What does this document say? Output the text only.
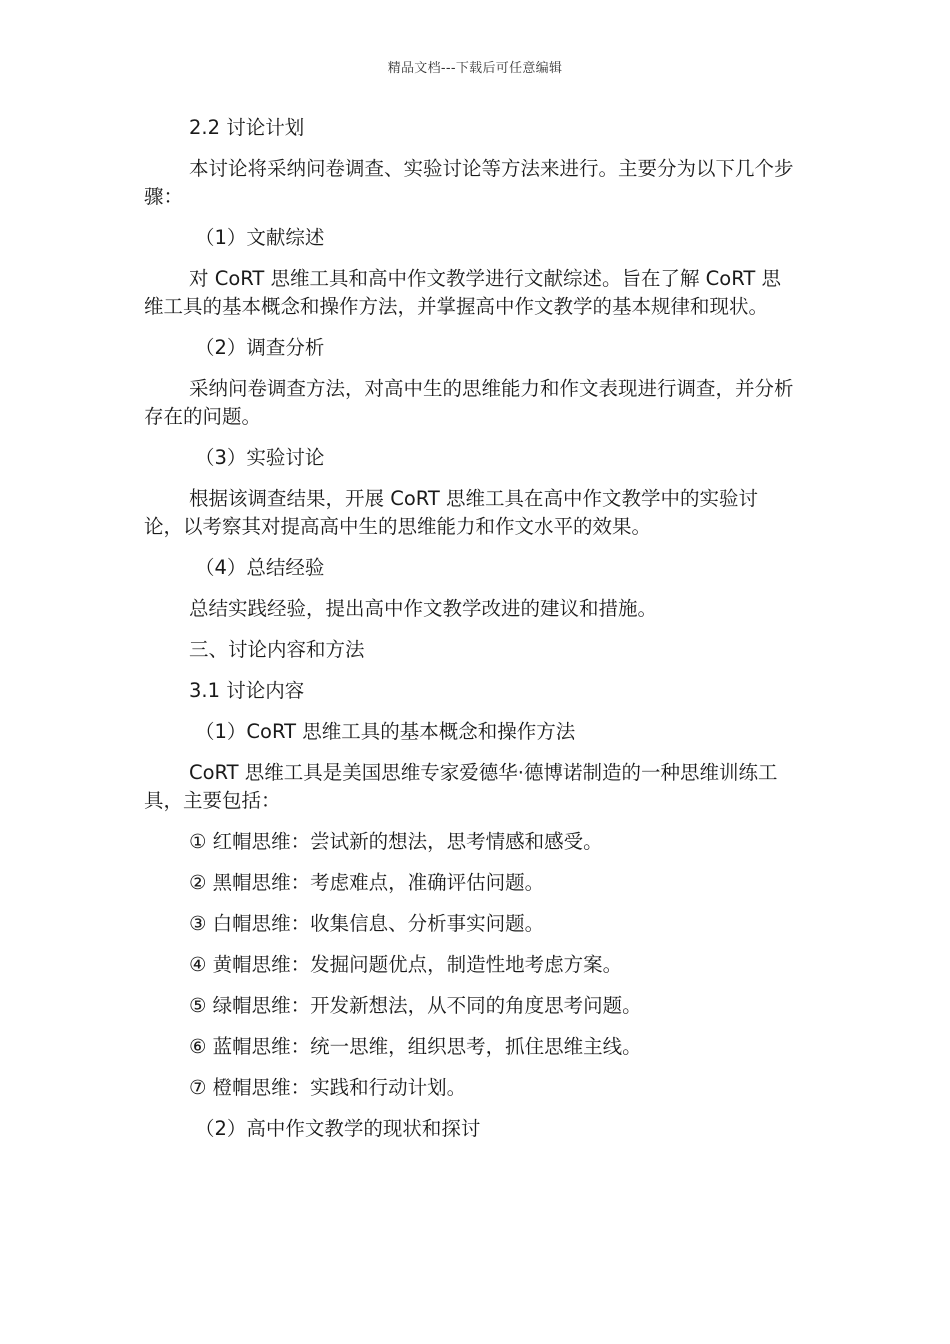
精品文档---下载后可任意编辑

2.2 讨论计划

本讨论将采纳问卷调查、实验讨论等方法来进行。主要分为以下几个步骤：

（1）文献综述

对 CoRT 思维工具和高中作文教学进行文献综述。旨在了解 CoRT 思维工具的基本概念和操作方法，并掌握高中作文教学的基本规律和现状。

（2）调查分析

采纳问卷调查方法，对高中生的思维能力和作文表现进行调查，并分析存在的问题。

（3）实验讨论

根据该调查结果，开展 CoRT 思维工具在高中作文教学中的实验讨论，以考察其对提高高中生的思维能力和作文水平的效果。

（4）总结经验

总结实践经验，提出高中作文教学改进的建议和措施。

三、讨论内容和方法

3.1 讨论内容

（1）CoRT 思维工具的基本概念和操作方法

CoRT 思维工具是美国思维专家爱德华·德博诺制造的一种思维训练工具，主要包括：

① 红帽思维：尝试新的想法，思考情感和感受。

② 黑帽思维：考虑难点，准确评估问题。

③ 白帽思维：收集信息、分析事实问题。

④ 黄帽思维：发掘问题优点，制造性地考虑方案。

⑤ 绿帽思维：开发新想法，从不同的角度思考问题。

⑥ 蓝帽思维：统一思维，组织思考，抓住思维主线。

⑦ 橙帽思维：实践和行动计划。

（2）高中作文教学的现状和探讨
